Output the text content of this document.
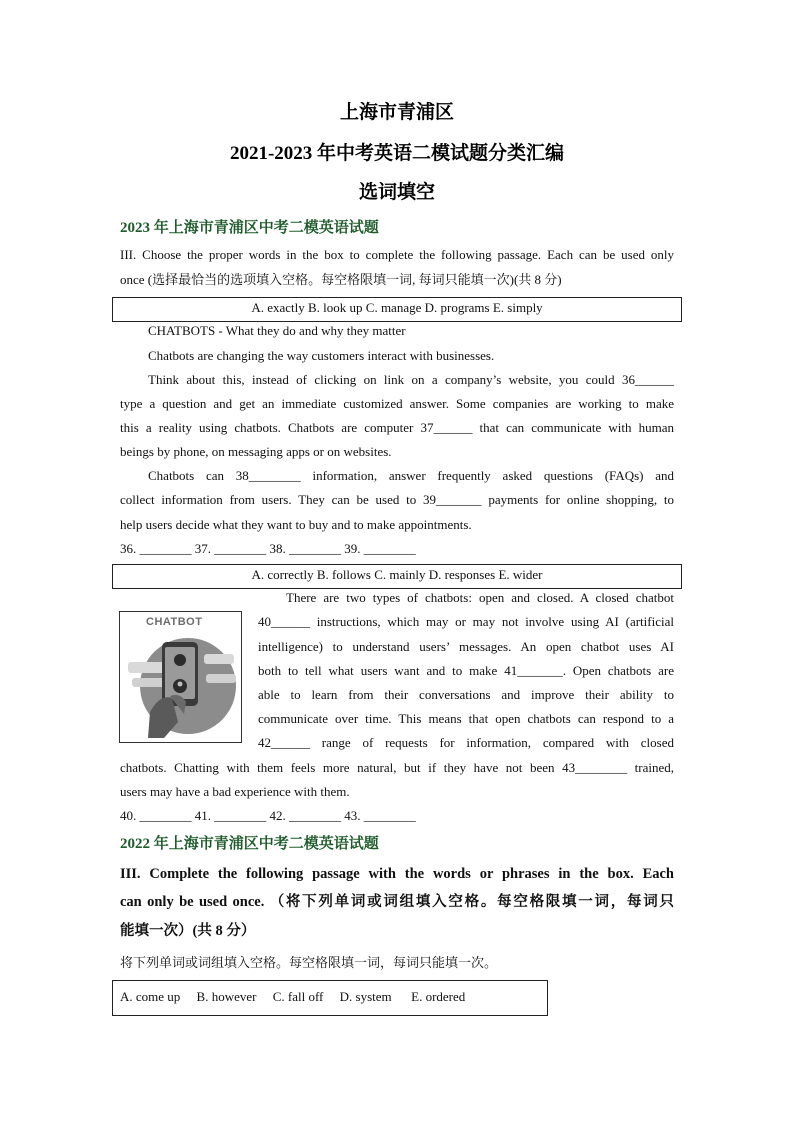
上海市青浦区
2021-2023 年中考英语二模试题分类汇编
选词填空
2023 年上海市青浦区中考二模英语试题
III. Choose the proper words in the box to complete the following passage. Each can be used only
once (选择最恰当的选项填入空格。每空格限填一词, 每词只能填一次)(共 8 分)
A. exactly B. look up C. manage D. programs E. simply
CHATBOTS - What they do and why they matter
Chatbots are changing the way customers interact with businesses.
Think about this, instead of clicking on link on a company’s website, you could 36______
type a question and get an immediate customized answer. Some companies are working to make
this a reality using chatbots. Chatbots are computer 37______ that can communicate with human
beings by phone, on messaging apps or on websites.
Chatbots can 38________ information, answer frequently asked questions (FAQs) and
collect information from users. They can be used to 39_______ payments for online shopping, to
help users decide what they want to buy and to make appointments.
36. ________ 37. ________ 38. ________ 39. ________
A. correctly B. follows C. mainly D. responses E. wider
CHATBOT
There are two types of chatbots: open and closed. A closed chatbot
40______ instructions, which may or may not involve using AI (artificial
intelligence) to understand users’ messages. An open chatbot uses AI
both to tell what users want and to make 41_______. Open chatbots are
able to learn from their conversations and improve their ability to
communicate over time. This means that open chatbots can respond to a
42______ range of requests for information, compared with closed
chatbots. Chatting with them feels more natural, but if they have not been 43________ trained,
users may have a bad experience with them.
40. ________ 41. ________ 42. ________ 43. ________
2022 年上海市青浦区中考二模英语试题
III. Complete the following passage with the words or phrases in the box. Each
can only be used once. （将下列单词或词组填入空格。每空格限填一词，每词只
能填一次）(共 8 分）
将下列单词或词组填入空格。每空格限填一词，每词只能填一次。
A. come up     B. however     C. fall off     D. system      E. ordered
